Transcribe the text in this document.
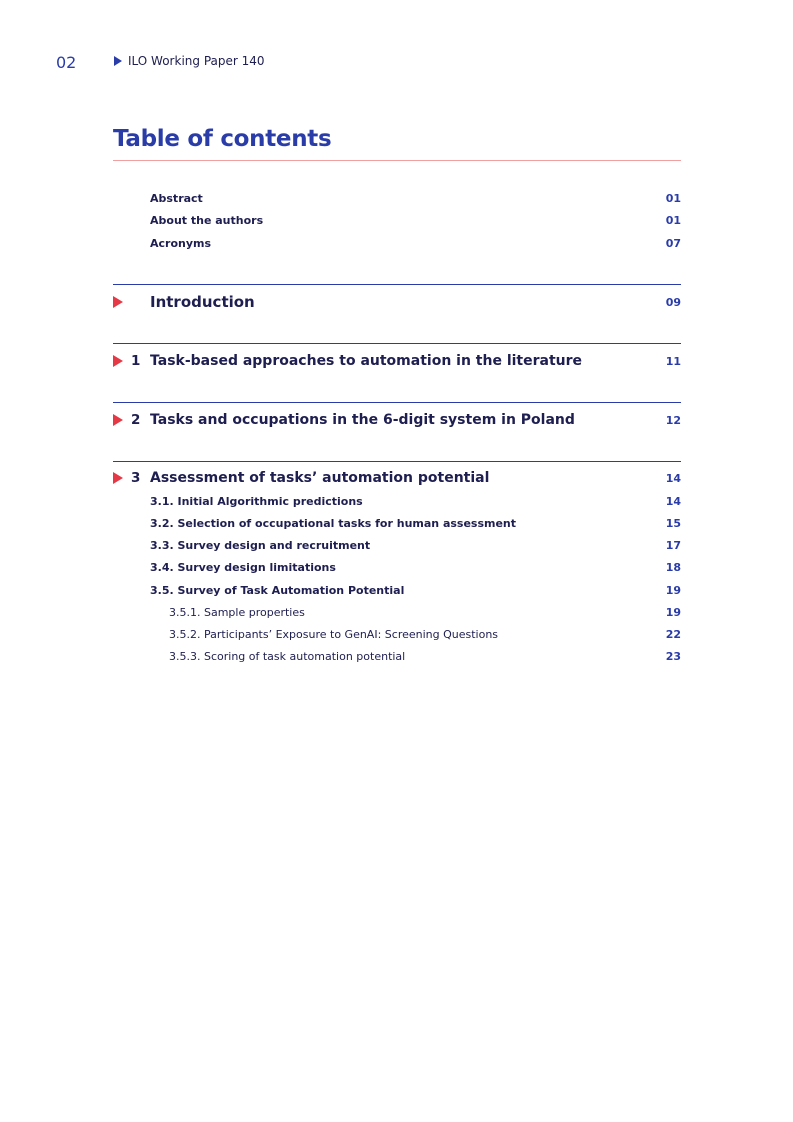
02	ILO Working Paper 140
Table of contents
Abstract	01
About the authors	01
Acronyms	07
Introduction	09
1 Task-based approaches to automation in the literature	11
2 Tasks and occupations in the 6-digit system in Poland	12
3 Assessment of tasks’ automation potential	14
3.1. Initial Algorithmic predictions	14
3.2. Selection of occupational tasks for human assessment	15
3.3. Survey design and recruitment	17
3.4. Survey design limitations	18
3.5. Survey of Task Automation Potential	19
3.5.1. Sample properties	19
3.5.2. Participants’ Exposure to GenAI: Screening Questions	22
3.5.3. Scoring of task automation potential	23
